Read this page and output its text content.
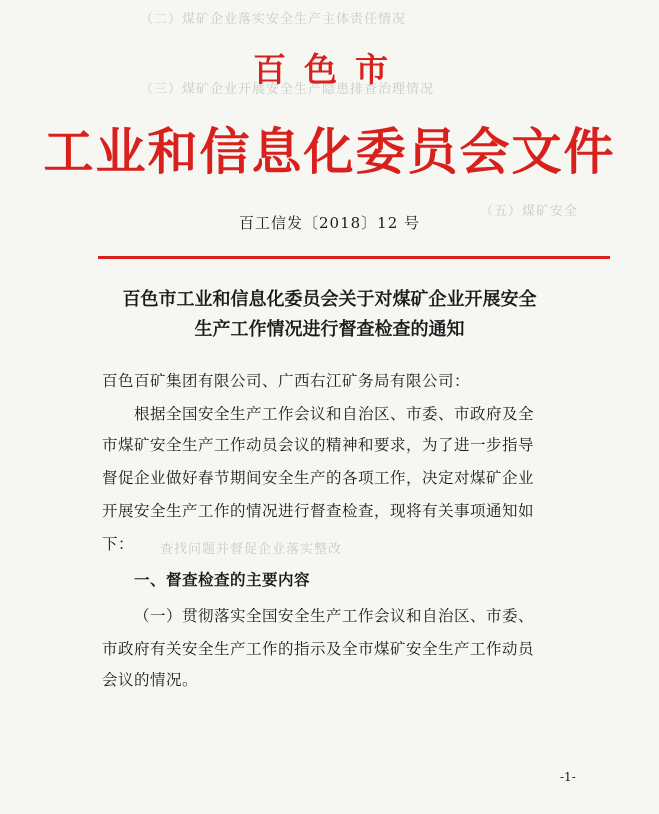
（二）煤矿企业落实安全生产主体责任情况
（三）煤矿企业开展安全生产隐患排查治理情况
（五）煤矿安全
查找问题并督促企业落实整改
百色市
工业和信息化委员会文件
百工信发〔2018〕12 号
百色市工业和信息化委员会关于对煤矿企业开展安全
生产工作情况进行督查检查的通知
百色百矿集团有限公司、广西右江矿务局有限公司：
根据全国安全生产工作会议和自治区、市委、市政府及全
市煤矿安全生产工作动员会议的精神和要求，为了进一步指导
督促企业做好春节期间安全生产的各项工作，决定对煤矿企业
开展安全生产工作的情况进行督查检查，现将有关事项通知如
下：
一、督查检查的主要内容
（一）贯彻落实全国安全生产工作会议和自治区、市委、
市政府有关安全生产工作的指示及全市煤矿安全生产工作动员
会议的情况。
-1-
